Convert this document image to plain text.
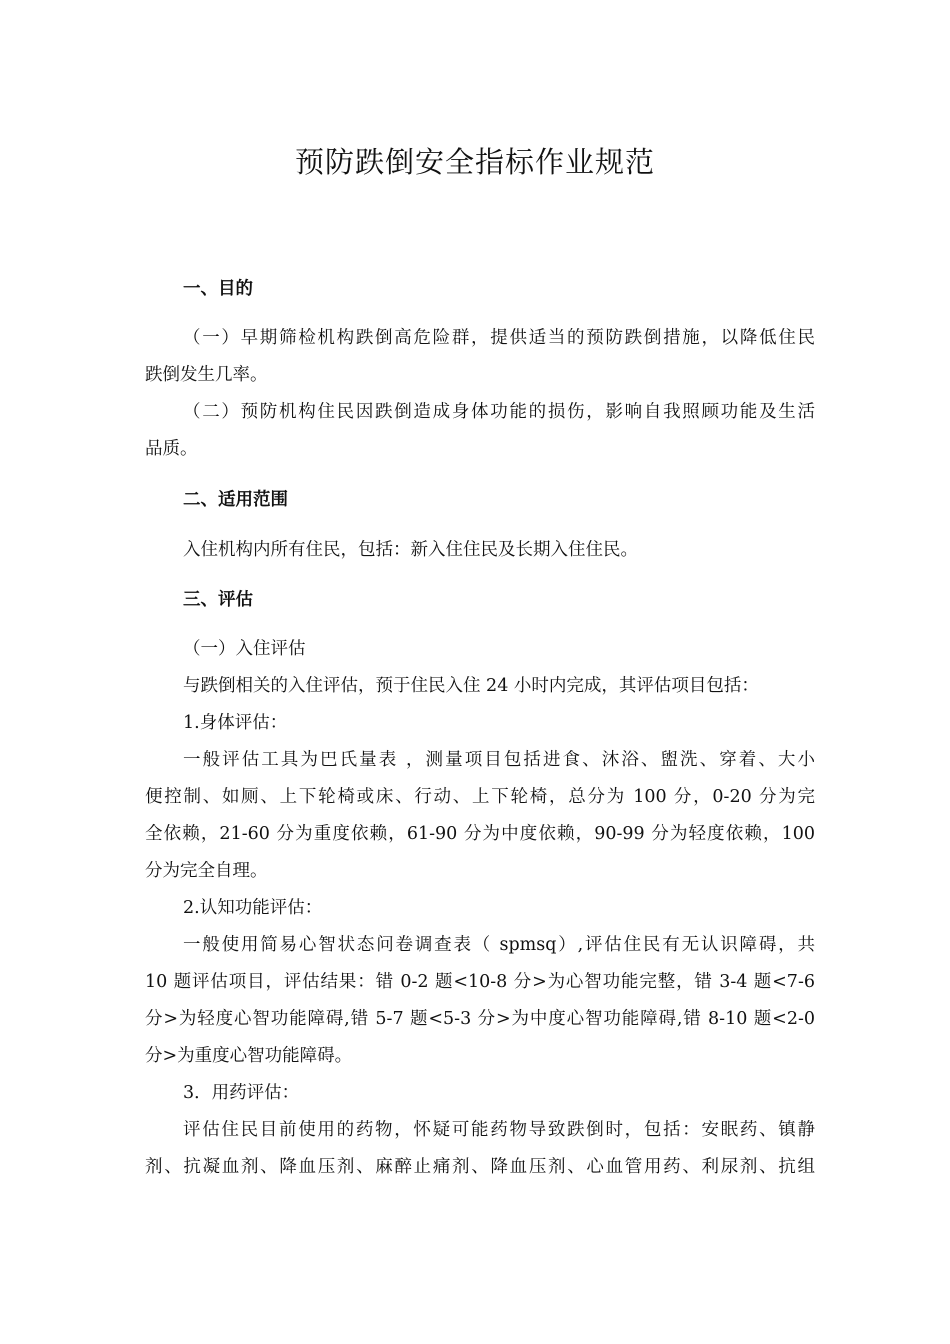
预防跌倒安全指标作业规范
一、目的
（一）早期筛检机构跌倒高危险群，提供适当的预防跌倒措施，以降低住民
跌倒发生几率。
（二）预防机构住民因跌倒造成身体功能的损伤，影响自我照顾功能及生活
品质。
二、适用范围
入住机构内所有住民，包括：新入住住民及长期入住住民。
三、评估
（一）入住评估
与跌倒相关的入住评估，预于住民入住 24 小时内完成，其评估项目包括：
1.身体评估：
一般评估工具为巴氏量表 ，测量项目包括进食、沐浴、盥洗、穿着、大小
便控制、如厕、上下轮椅或床、行动、上下轮椅，总分为 100 分，0-20 分为完
全依赖，21-60 分为重度依赖，61-90 分为中度依赖，90-99 分为轻度依赖，100
分为完全自理。
2.认知功能评估：
一般使用简易心智状态问卷调查表（ spmsq）,评估住民有无认识障碍，共
10 题评估项目，评估结果：错 0-2 题<10-8 分>为心智功能完整，错 3-4 题<7-6
分>为轻度心智功能障碍,错 5-7 题<5-3 分>为中度心智功能障碍,错 8-10 题<2-0
分>为重度心智功能障碍。
3．用药评估：
评估住民目前使用的药物，怀疑可能药物导致跌倒时，包括：安眠药、镇静
剂、抗凝血剂、降血压剂、麻醉止痛剂、降血压剂、心血管用药、利尿剂、抗组
